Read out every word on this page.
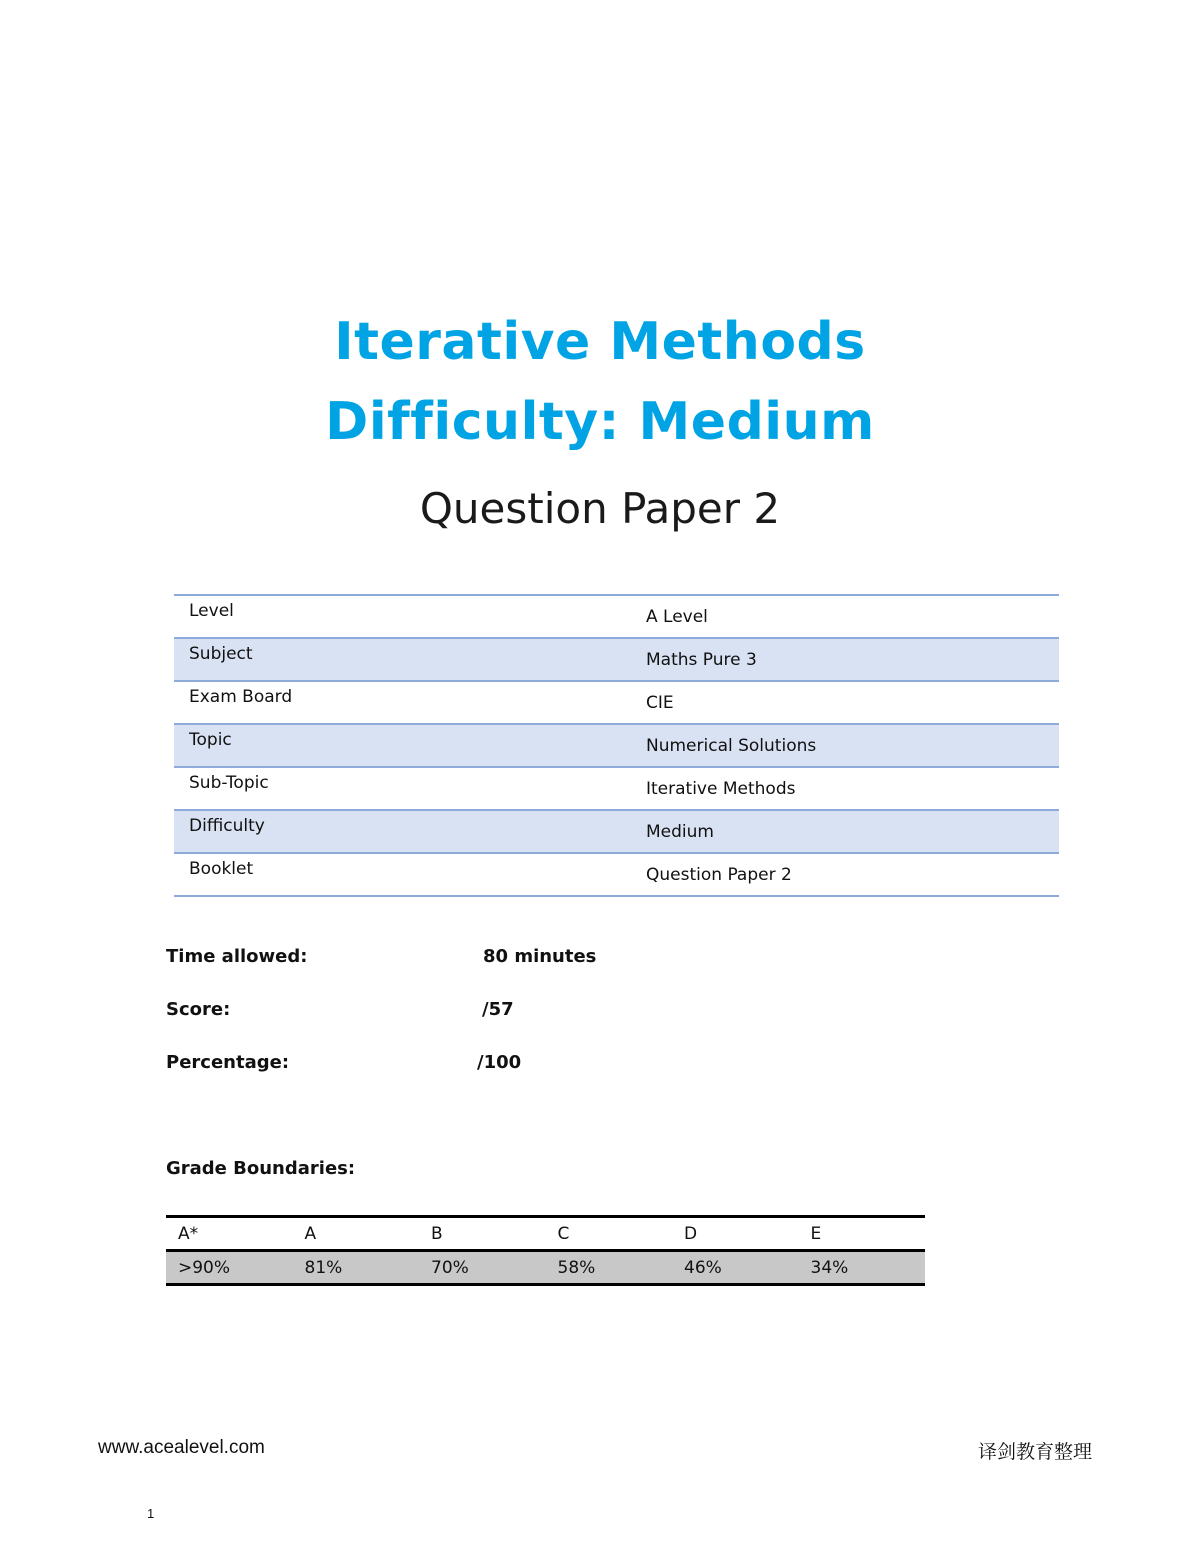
Iterative Methods
Difficulty: Medium
Question Paper 2
Level	A Level
Subject	Maths Pure 3
Exam Board	CIE
Topic	Numerical Solutions
Sub-Topic	Iterative Methods
Difficulty	Medium
Booklet	Question Paper 2
Time allowed:	80 minutes
Score:	/57
Percentage:	/100
Grade Boundaries:
A*	A	B	C	D	E
>90%	81%	70%	58%	46%	34%
www.acealevel.com	译剑教育整理
1
